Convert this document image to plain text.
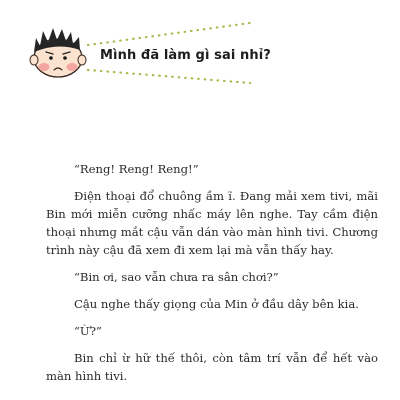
Mình đã làm gì sai nhỉ?

“Reng! Reng! Reng!”

Điện thoại đổ chuông ầm ĩ. Đang mải xem tivi, mãi Bin mới miễn cưỡng nhấc máy lên nghe. Tay cầm điện thoại nhưng mắt cậu vẫn dán vào màn hình tivi. Chương trình này cậu đã xem đi xem lại mà vẫn thấy hay.

“Bin ơi, sao vẫn chưa ra sân chơi?”

Cậu nghe thấy giọng của Min ở đầu dây bên kia.

“Ừ?”

Bin chỉ ừ hữ thế thôi, còn tâm trí vẫn để hết vào màn hình tivi.
